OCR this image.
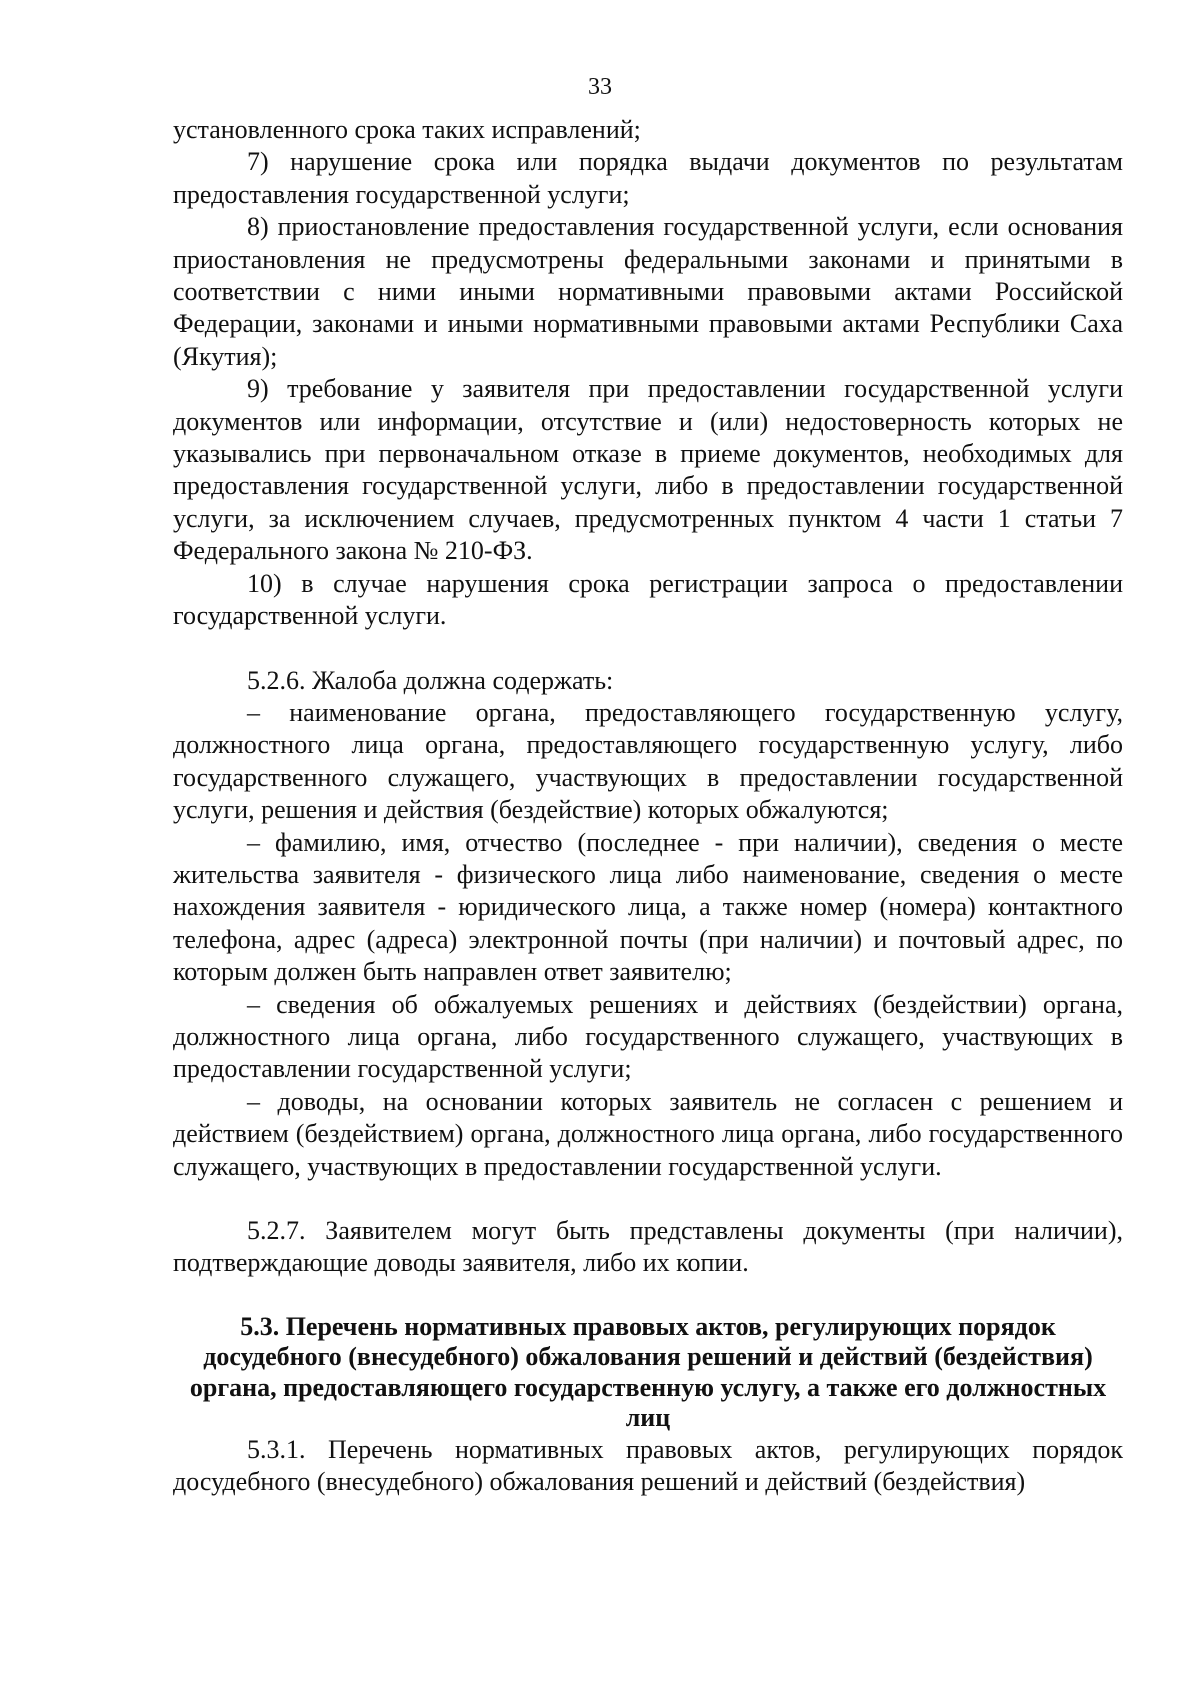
33

установленного срока таких исправлений;

7) нарушение срока или порядка выдачи документов по результатам предоставления государственной услуги;

8) приостановление предоставления государственной услуги, если основания приостановления не предусмотрены федеральными законами и принятыми в соответствии с ними иными нормативными правовыми актами Российской Федерации, законами и иными нормативными правовыми актами Республики Саха (Якутия);

9) требование у заявителя при предоставлении государственной услуги документов или информации, отсутствие и (или) недостоверность которых не указывались при первоначальном отказе в приеме документов, необходимых для предоставления государственной услуги, либо в предоставлении государственной услуги, за исключением случаев, предусмотренных пунктом 4 части 1 статьи 7 Федерального закона № 210-ФЗ.

10) в случае нарушения срока регистрации запроса о предоставлении государственной услуги.

5.2.6. Жалоба должна содержать:

– наименование органа, предоставляющего государственную услугу, должностного лица органа, предоставляющего государственную услугу, либо государственного служащего, участвующих в предоставлении государственной услуги, решения и действия (бездействие) которых обжалуются;

– фамилию, имя, отчество (последнее - при наличии), сведения о месте жительства заявителя - физического лица либо наименование, сведения о месте нахождения заявителя - юридического лица, а также номер (номера) контактного телефона, адрес (адреса) электронной почты (при наличии) и почтовый адрес, по которым должен быть направлен ответ заявителю;

– сведения об обжалуемых решениях и действиях (бездействии) органа, должностного лица органа, либо государственного служащего, участвующих в предоставлении государственной услуги;

– доводы, на основании которых заявитель не согласен с решением и действием (бездействием) органа, должностного лица органа, либо государственного служащего, участвующих в предоставлении государственной услуги.

5.2.7. Заявителем могут быть представлены документы (при наличии), подтверждающие доводы заявителя, либо их копии.

5.3. Перечень нормативных правовых актов, регулирующих порядок досудебного (внесудебного) обжалования решений и действий (бездействия) органа, предоставляющего государственную услугу, а также его должностных лиц

5.3.1. Перечень нормативных правовых актов, регулирующих порядок досудебного (внесудебного) обжалования решений и действий (бездействия)
